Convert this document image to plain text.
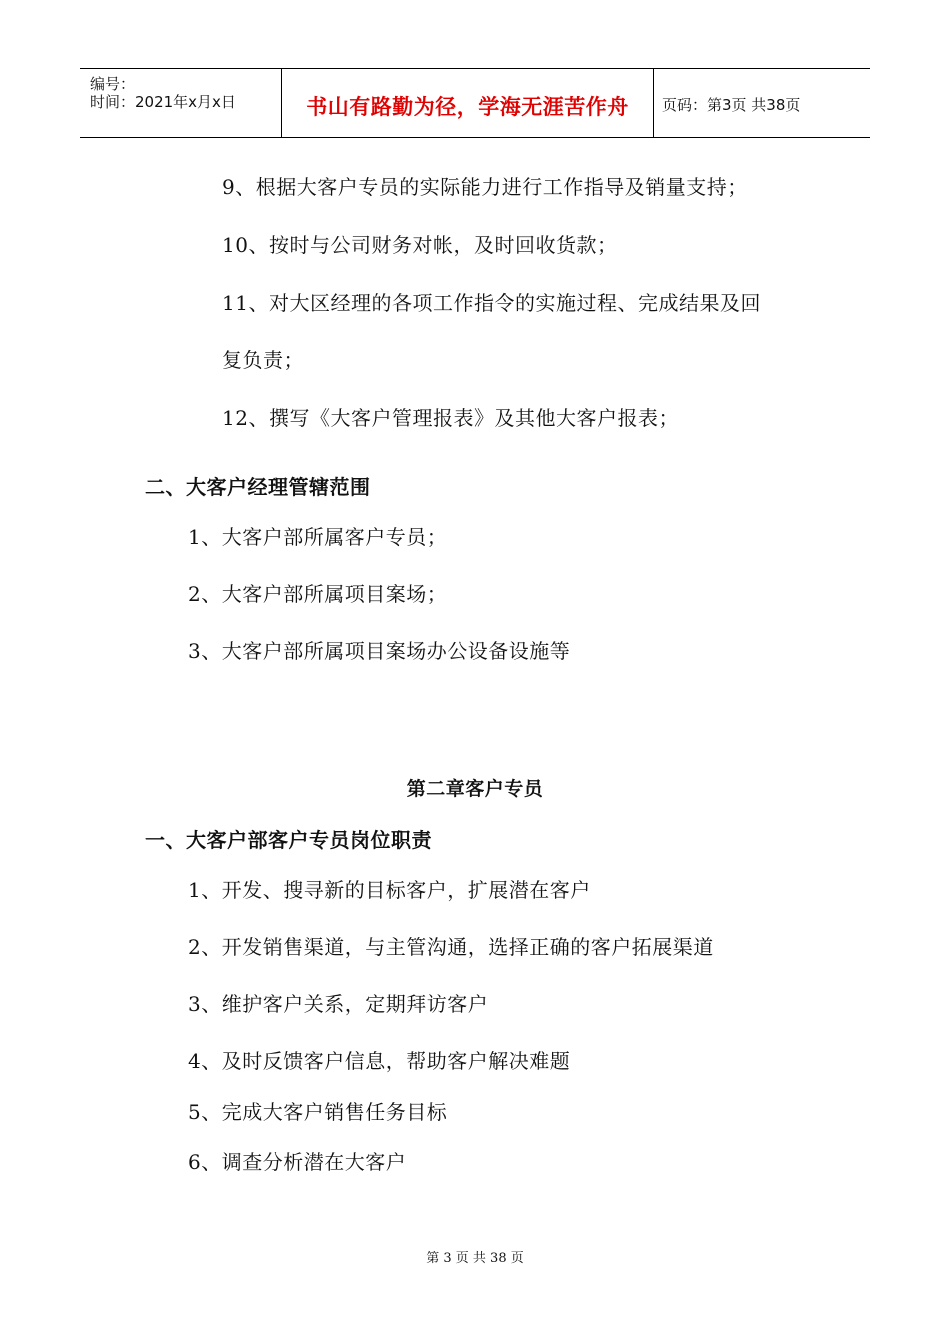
编号：
时间：2021年x月x日	书山有路勤为径，学海无涯苦作舟	页码：第3页 共38页
9、根据大客户专员的实际能力进行工作指导及销量支持；
10、按时与公司财务对帐，及时回收货款；
11、对大区经理的各项工作指令的实施过程、完成结果及回
复负责；
12、撰写《大客户管理报表》及其他大客户报表；
二、大客户经理管辖范围
1、大客户部所属客户专员；
2、大客户部所属项目案场；
3、大客户部所属项目案场办公设备设施等
第二章客户专员
一、大客户部客户专员岗位职责
1、开发、搜寻新的目标客户，扩展潜在客户
2、开发销售渠道，与主管沟通，选择正确的客户拓展渠道
3、维护客户关系，定期拜访客户
4、及时反馈客户信息，帮助客户解决难题
5、完成大客户销售任务目标
6、调查分析潜在大客户
第 3 页 共 38 页
